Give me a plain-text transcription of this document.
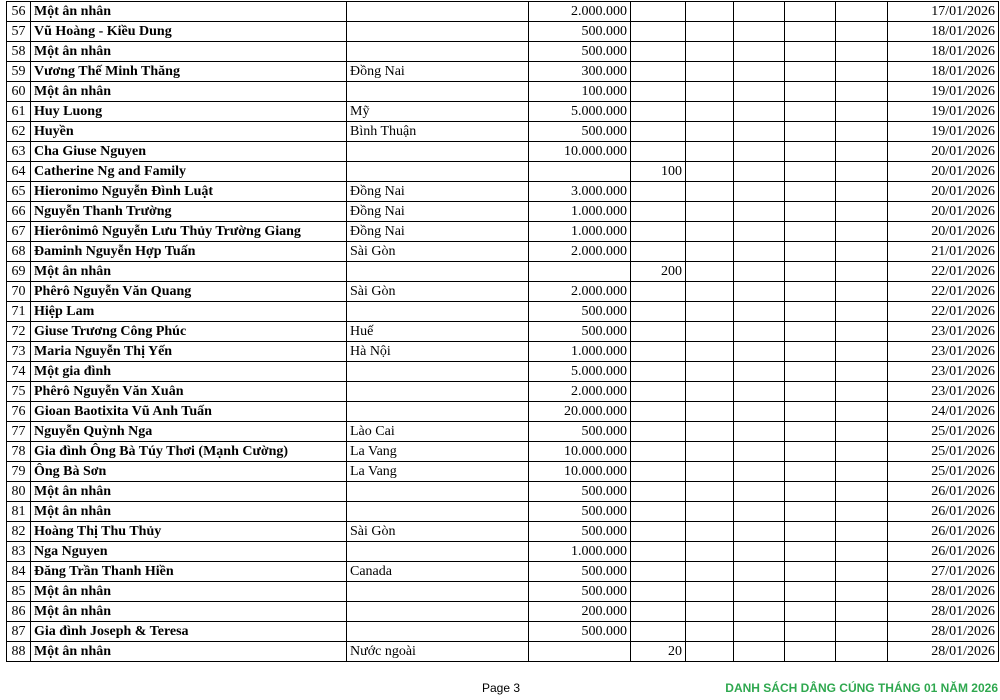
56	Một ân nhân		2.000.000						17/01/2026
57	Vũ Hoàng - Kiều Dung		500.000						18/01/2026
58	Một ân nhân		500.000						18/01/2026
59	Vương Thế Minh Thăng	Đồng Nai	300.000						18/01/2026
60	Một ân nhân		100.000						19/01/2026
61	Huy Luong	Mỹ	5.000.000						19/01/2026
62	Huyền	Bình Thuận	500.000						19/01/2026
63	Cha Giuse Nguyen		10.000.000						20/01/2026
64	Catherine Ng and Family			100					20/01/2026
65	Hieronimo Nguyễn Đình Luật	Đồng Nai	3.000.000						20/01/2026
66	Nguyễn Thanh Trường	Đồng Nai	1.000.000						20/01/2026
67	Hierônimô Nguyễn Lưu Thủy Trường Giang	Đồng Nai	1.000.000						20/01/2026
68	Đaminh Nguyễn Hợp Tuấn	Sài Gòn	2.000.000						21/01/2026
69	Một ân nhân			200					22/01/2026
70	Phêrô Nguyễn Văn Quang	Sài Gòn	2.000.000						22/01/2026
71	Hiệp Lam		500.000						22/01/2026
72	Giuse Trương Công Phúc	Huế	500.000						23/01/2026
73	Maria Nguyễn Thị Yến	Hà Nội	1.000.000						23/01/2026
74	Một gia đình		5.000.000						23/01/2026
75	Phêrô Nguyễn Văn Xuân		2.000.000						23/01/2026
76	Gioan Baotixita Vũ Anh Tuấn		20.000.000						24/01/2026
77	Nguyễn Quỳnh Nga	Lào Cai	500.000						25/01/2026
78	Gia đình Ông Bà Túy Thơi (Mạnh Cường)	La Vang	10.000.000						25/01/2026
79	Ông Bà Sơn	La Vang	10.000.000						25/01/2026
80	Một ân nhân		500.000						26/01/2026
81	Một ân nhân		500.000						26/01/2026
82	Hoàng Thị Thu Thủy	Sài Gòn	500.000						26/01/2026
83	Nga Nguyen		1.000.000						26/01/2026
84	Đăng Trần Thanh Hiền	Canada	500.000						27/01/2026
85	Một ân nhân		500.000						28/01/2026
86	Một ân nhân		200.000						28/01/2026
87	Gia đình Joseph & Teresa		500.000						28/01/2026
88	Một ân nhân	Nước ngoài		20					28/01/2026
Page 3	DANH SÁCH DÂNG CÚNG THÁNG 01 NĂM 2026
